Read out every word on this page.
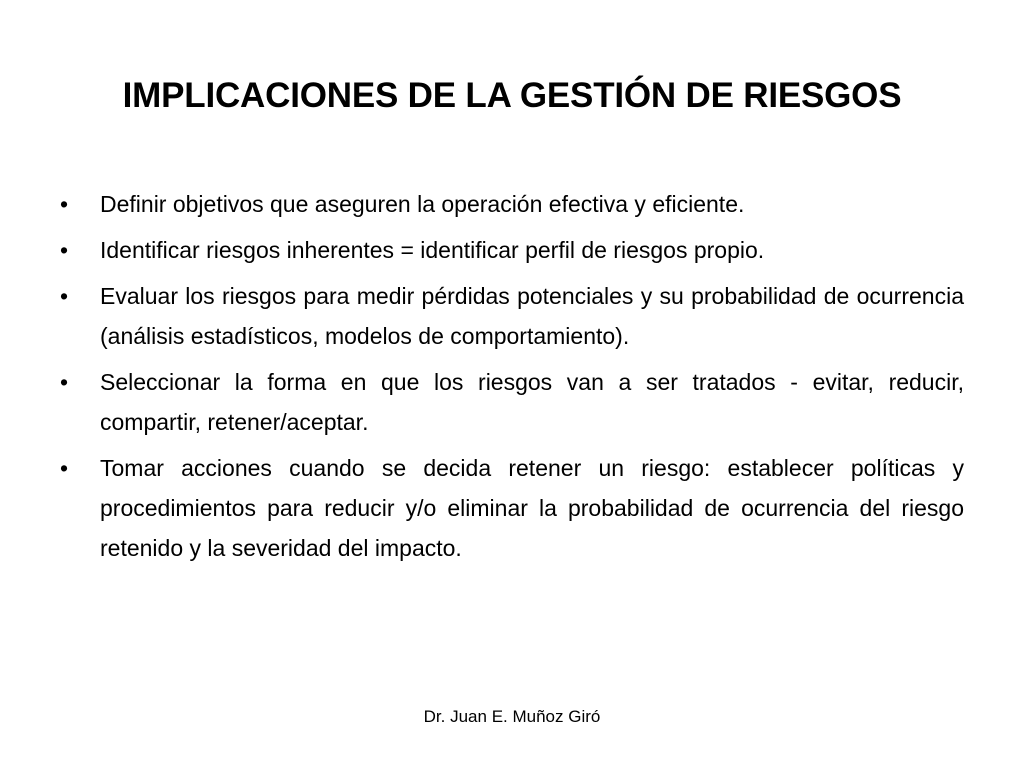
IMPLICACIONES DE LA GESTIÓN DE RIESGOS
•	Definir objetivos que aseguren la operación efectiva y eficiente.
•	Identificar riesgos inherentes = identificar perfil de riesgos propio.
•	Evaluar los riesgos para medir pérdidas potenciales y su probabilidad de ocurrencia (análisis estadísticos, modelos de comportamiento).
•	Seleccionar la forma en que los riesgos van a ser tratados - evitar, reducir, compartir, retener/aceptar.
•	Tomar acciones cuando se decida retener un riesgo: establecer políticas y procedimientos para reducir y/o eliminar la probabilidad de ocurrencia del riesgo retenido y la severidad del impacto.
Dr. Juan E. Muñoz Giró
